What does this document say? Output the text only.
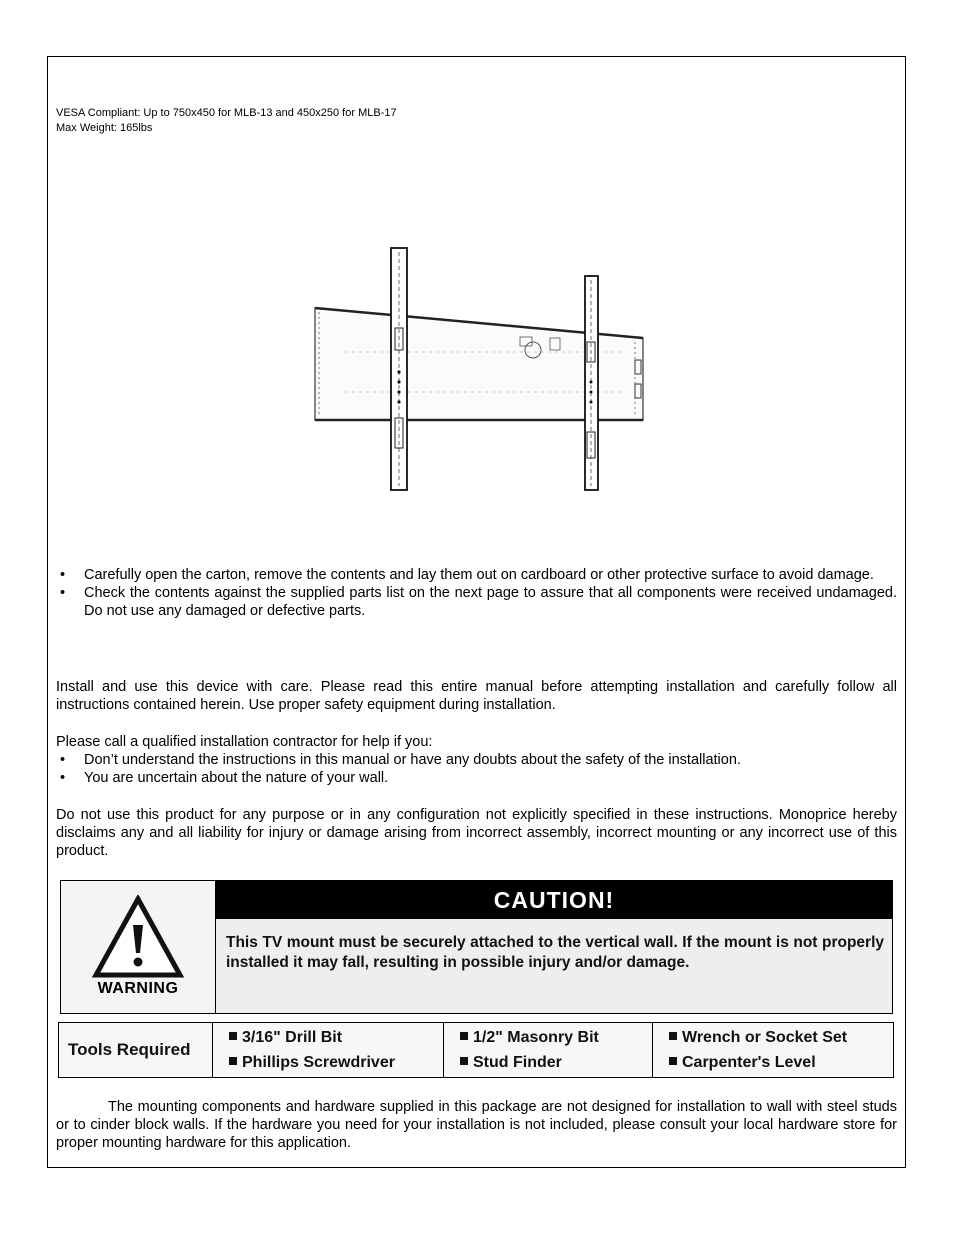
VESA Compliant: Up to 750x450 for MLB-13 and 450x250 for MLB-17
Max Weight: 165lbs
• Carefully open the carton, remove the contents and lay them out on cardboard or other protective surface to avoid damage.
• Check the contents against the supplied parts list on the next page to assure that all components were received undamaged. Do not use any damaged or defective parts.
Install and use this device with care. Please read this entire manual before attempting installation and carefully follow all instructions contained herein. Use proper safety equipment during installation.
Please call a qualified installation contractor for help if you:
• Don’t understand the instructions in this manual or have any doubts about the safety of the installation.
• You are uncertain about the nature of your wall.
Do not use this product for any purpose or in any configuration not explicitly specified in these instructions. Monoprice hereby disclaims any and all liability for injury or damage arising from incorrect assembly, incorrect mounting or any incorrect use of this product.
WARNING
CAUTION!
This TV mount must be securely attached to the vertical wall. If the mount is not properly installed it may fall, resulting in possible injury and/or damage.
Tools Required
3/16" Drill Bit
Phillips Screwdriver
1/2" Masonry Bit
Stud Finder
Wrench or Socket Set
Carpenter's Level
The mounting components and hardware supplied in this package are not designed for installation to wall with steel studs or to cinder block walls. If the hardware you need for your installation is not included, please consult your local hardware store for proper mounting hardware for this application.
